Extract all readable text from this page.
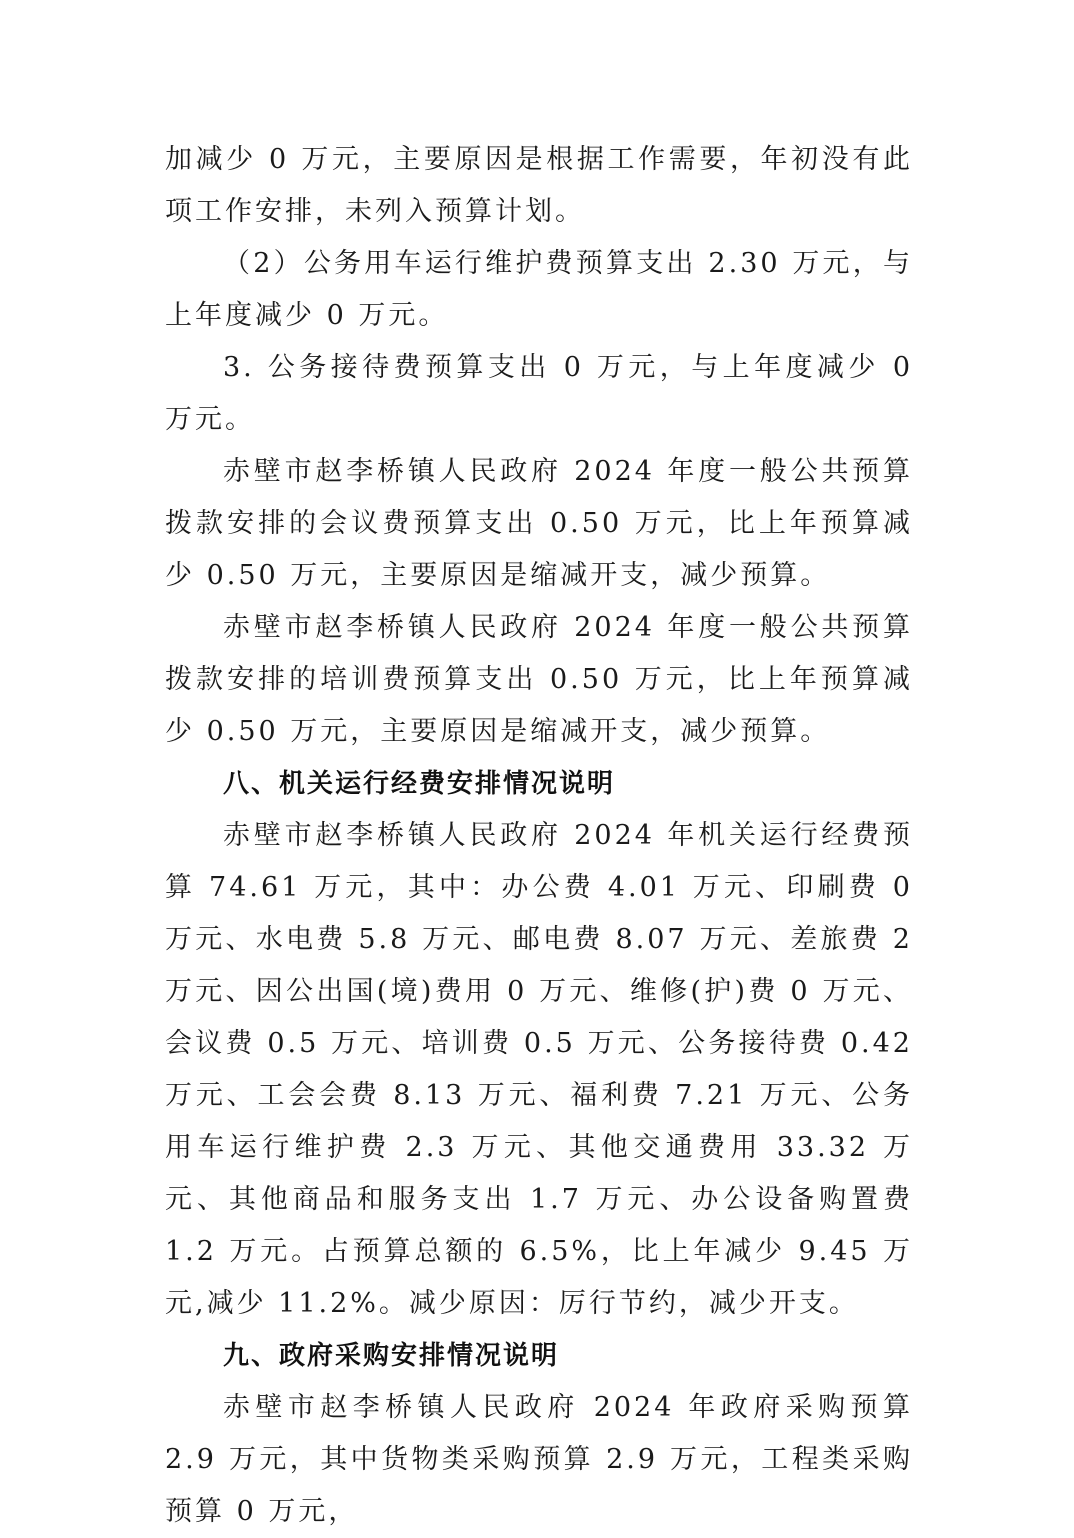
加减少 0 万元，主要原因是根据工作需要，年初没有此项工作安排，未列入预算计划。

（2）公务用车运行维护费预算支出 2.30 万元，与上年度减少 0 万元。

3. 公务接待费预算支出 0 万元，与上年度减少 0 万元。

赤壁市赵李桥镇人民政府 2024 年度一般公共预算拨款安排的会议费预算支出 0.50 万元，比上年预算减少 0.50 万元，主要原因是缩减开支，减少预算。

赤壁市赵李桥镇人民政府 2024 年度一般公共预算拨款安排的培训费预算支出 0.50 万元，比上年预算减少 0.50 万元，主要原因是缩减开支，减少预算。

八、机关运行经费安排情况说明

赤壁市赵李桥镇人民政府 2024 年机关运行经费预算 74.61 万元，其中：办公费 4.01 万元、印刷费 0 万元、水电费 5.8 万元、邮电费 8.07 万元、差旅费 2 万元、因公出国(境)费用 0 万元、维修(护)费 0 万元、会议费 0.5 万元、培训费 0.5 万元、公务接待费 0.42 万元、工会会费 8.13 万元、福利费 7.21 万元、公务用车运行维护费 2.3 万元、其他交通费用 33.32 万元、其他商品和服务支出 1.7 万元、办公设备购置费 1.2 万元。占预算总额的 6.5%，比上年减少 9.45 万元,减少 11.2%。减少原因：厉行节约，减少开支。

九、政府采购安排情况说明

赤壁市赵李桥镇人民政府 2024 年政府采购预算 2.9 万元，其中货物类采购预算 2.9 万元，工程类采购预算 0 万元，
